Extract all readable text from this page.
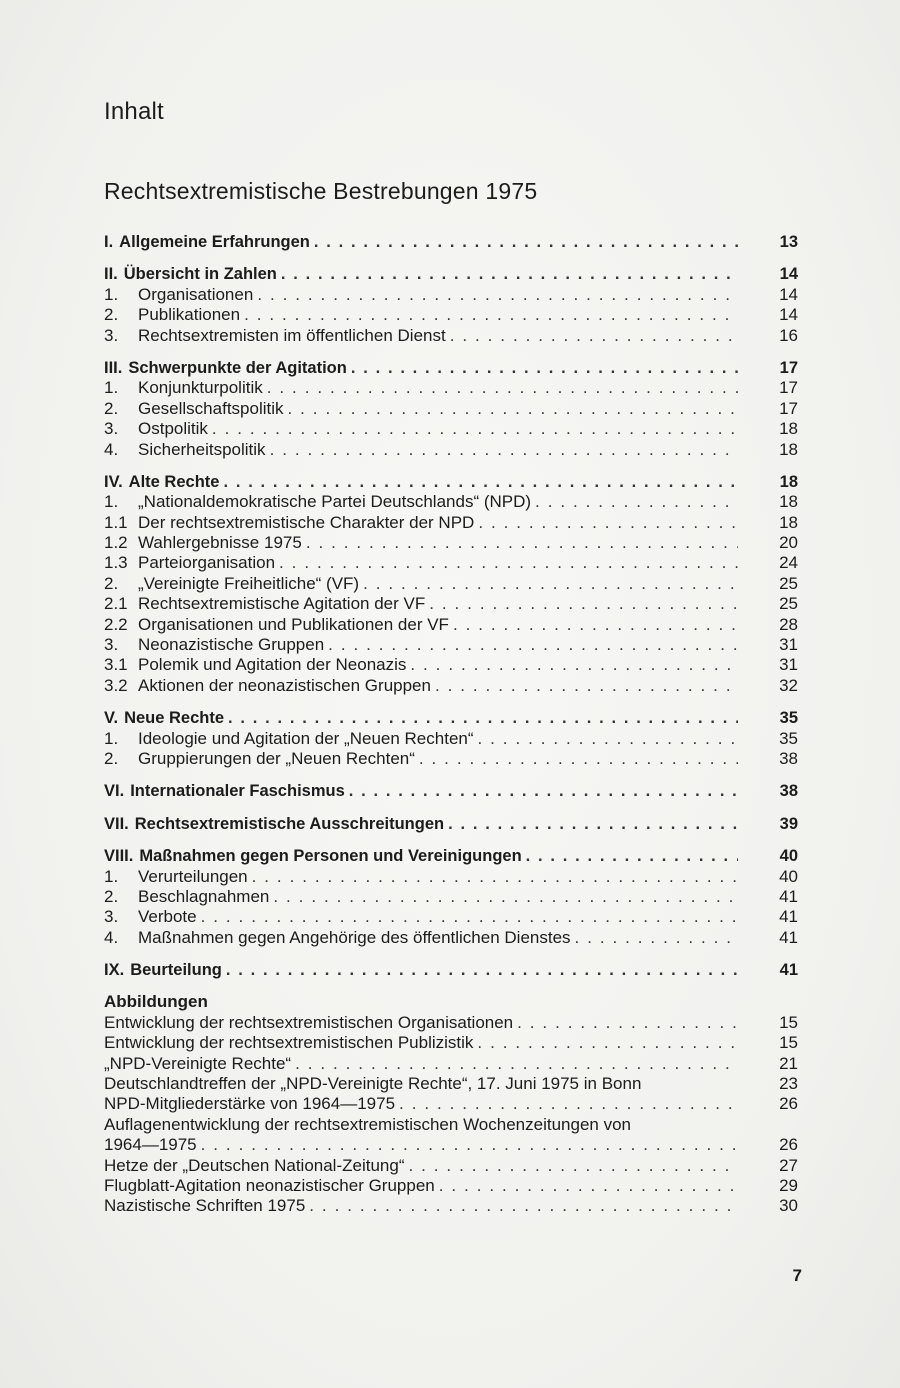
Inhalt
Rechtsextremistische Bestrebungen 1975
I. Allgemeine Erfahrungen . . .	13
II. Übersicht in Zahlen . . .	14
1.	Organisationen . . .	14
2.	Publikationen . . .	14
3.	Rechtsextremisten im öffentlichen Dienst . . .	16
III. Schwerpunkte der Agitation . . .	17
1.	Konjunkturpolitik . . .	17
2.	Gesellschaftspolitik . . .	17
3.	Ostpolitik . . .	18
4.	Sicherheitspolitik . . .	18
IV. Alte Rechte . . .	18
1.	„Nationaldemokratische Partei Deutschlands“ (NPD) . . .	18
1.1 Der rechtsextremistische Charakter der NPD . . .	18
1.2 Wahlergebnisse 1975 . . .	20
1.3 Parteiorganisation . . .	24
2.	„Vereinigte Freiheitliche“ (VF) . . .	25
2.1 Rechtsextremistische Agitation der VF . . .	25
2.2 Organisationen und Publikationen der VF . . .	28
3.	Neonazistische Gruppen . . .	31
3.1 Polemik und Agitation der Neonazis . . .	31
3.2 Aktionen der neonazistischen Gruppen . . .	32
V. Neue Rechte . . .	35
1.	Ideologie und Agitation der „Neuen Rechten“ . . .	35
2.	Gruppierungen der „Neuen Rechten“ . . .	38
VI. Internationaler Faschismus . . .	38
VII. Rechtsextremistische Ausschreitungen . . .	39
VIII. Maßnahmen gegen Personen und Vereinigungen . . .	40
1.	Verurteilungen . . .	40
2.	Beschlagnahmen . . .	41
3.	Verbote . . .	41
4.	Maßnahmen gegen Angehörige des öffentlichen Dienstes . . .	41
IX. Beurteilung . . .	41
Abbildungen
Entwicklung der rechtsextremistischen Organisationen . . .	15
Entwicklung der rechtsextremistischen Publizistik . . .	15
„NPD-Vereinigte Rechte“ . . .	21
Deutschlandtreffen der „NPD-Vereinigte Rechte“, 17. Juni 1975 in Bonn	23
NPD-Mitgliederstärke von 1964—1975 . . .	26
Auflagenentwicklung der rechtsextremistischen Wochenzeitungen von
1964—1975 . . .	26
Hetze der „Deutschen National-Zeitung“ . . .	27
Flugblatt-Agitation neonazistischer Gruppen . . .	29
Nazistische Schriften 1975 . . .	30
7
